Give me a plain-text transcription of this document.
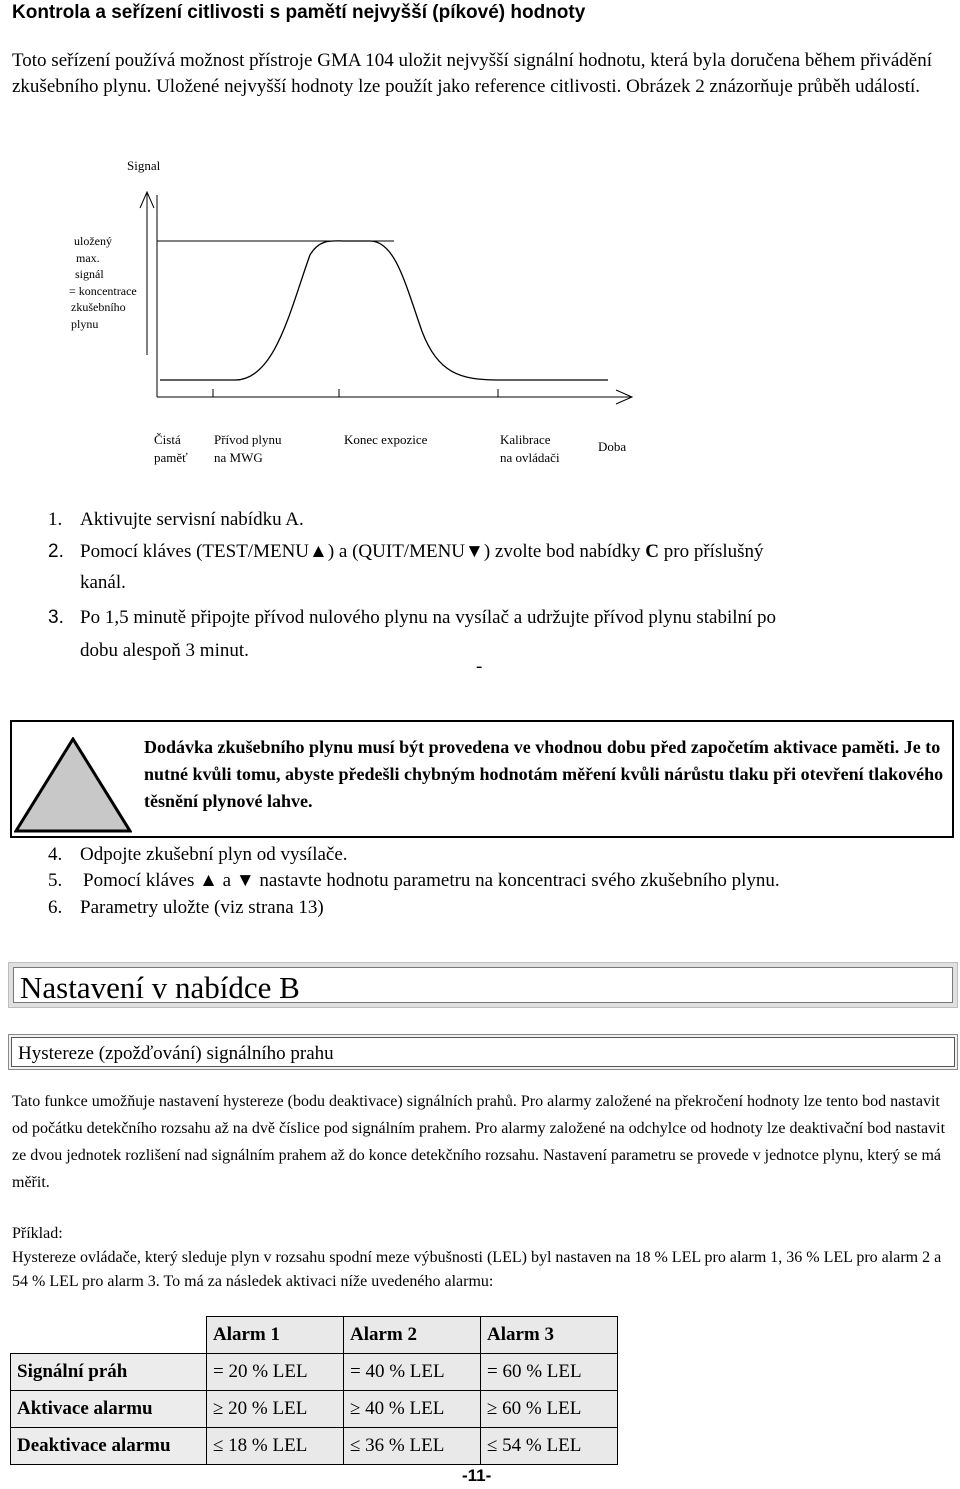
Kontrola a seřízení citlivosti s pamětí nejvyšší (píkové) hodnoty
Toto seřízení používá možnost přístroje GMA 104 uložit nejvyšší signální hodnotu, která byla doručena během přivádění zkušebního plynu. Uložené nejvyšší hodnoty lze použít jako reference citlivosti. Obrázek 2 znázorňuje průběh událostí.
Signal
uložený
max.
signál
= koncentrace
zkušebního
plynu
Čistá
paměť
Přívod plynu
na MWG
Konec expozice	Kalibrace
na ovládači
Doba
1. Aktivujte servisní nabídku A.
2. Pomocí kláves (TEST/MENU▲) a (QUIT/MENU▼) zvolte bod nabídky C pro příslušný
kanál.
3. Po 1,5 minutě připojte přívod nulového plynu na vysílač a udržujte přívod plynu stabilní po
dobu alespoň 3 minut.
-
Dodávka zkušebního plynu musí být provedena ve vhodnou dobu před započetím aktivace paměti. Je to nutné kvůli tomu, abyste předešli chybným hodnotám měření kvůli nárůstu tlaku při otevření tlakového těsnění plynové lahve.
4. Odpojte zkušební plyn od vysílače.
5. Pomocí kláves ▲ a ▼ nastavte hodnotu parametru na koncentraci svého zkušebního plynu.
6. Parametry uložte (viz strana 13)
Nastavení v nabídce B
Hystereze (zpožďování) signálního prahu
Tato funkce umožňuje nastavení hystereze (bodu deaktivace) signálních prahů. Pro alarmy založené na překročení hodnoty lze tento bod nastavit od počátku detekčního rozsahu až na dvě číslice pod signálním prahem. Pro alarmy založené na odchylce od hodnoty lze deaktivační bod nastavit ze dvou jednotek rozlišení nad signálním prahem až do konce detekčního rozsahu. Nastavení parametru se provede v jednotce plynu, který se má měřit.
Příklad:
Hystereze ovládače, který sleduje plyn v rozsahu spodní meze výbušnosti (LEL) byl nastaven na 18 % LEL pro alarm 1, 36 % LEL pro alarm 2 a 54 % LEL pro alarm 3. To má za následek aktivaci níže uvedeného alarmu:
	Alarm 1	Alarm 2	Alarm 3
Signální práh	= 20 % LEL	= 40 % LEL	= 60 % LEL
Aktivace alarmu	≥ 20 % LEL	≥ 40 % LEL	≥ 60 % LEL
Deaktivace alarmu	≤ 18 % LEL	≤ 36 % LEL	≤ 54 % LEL
-11-
